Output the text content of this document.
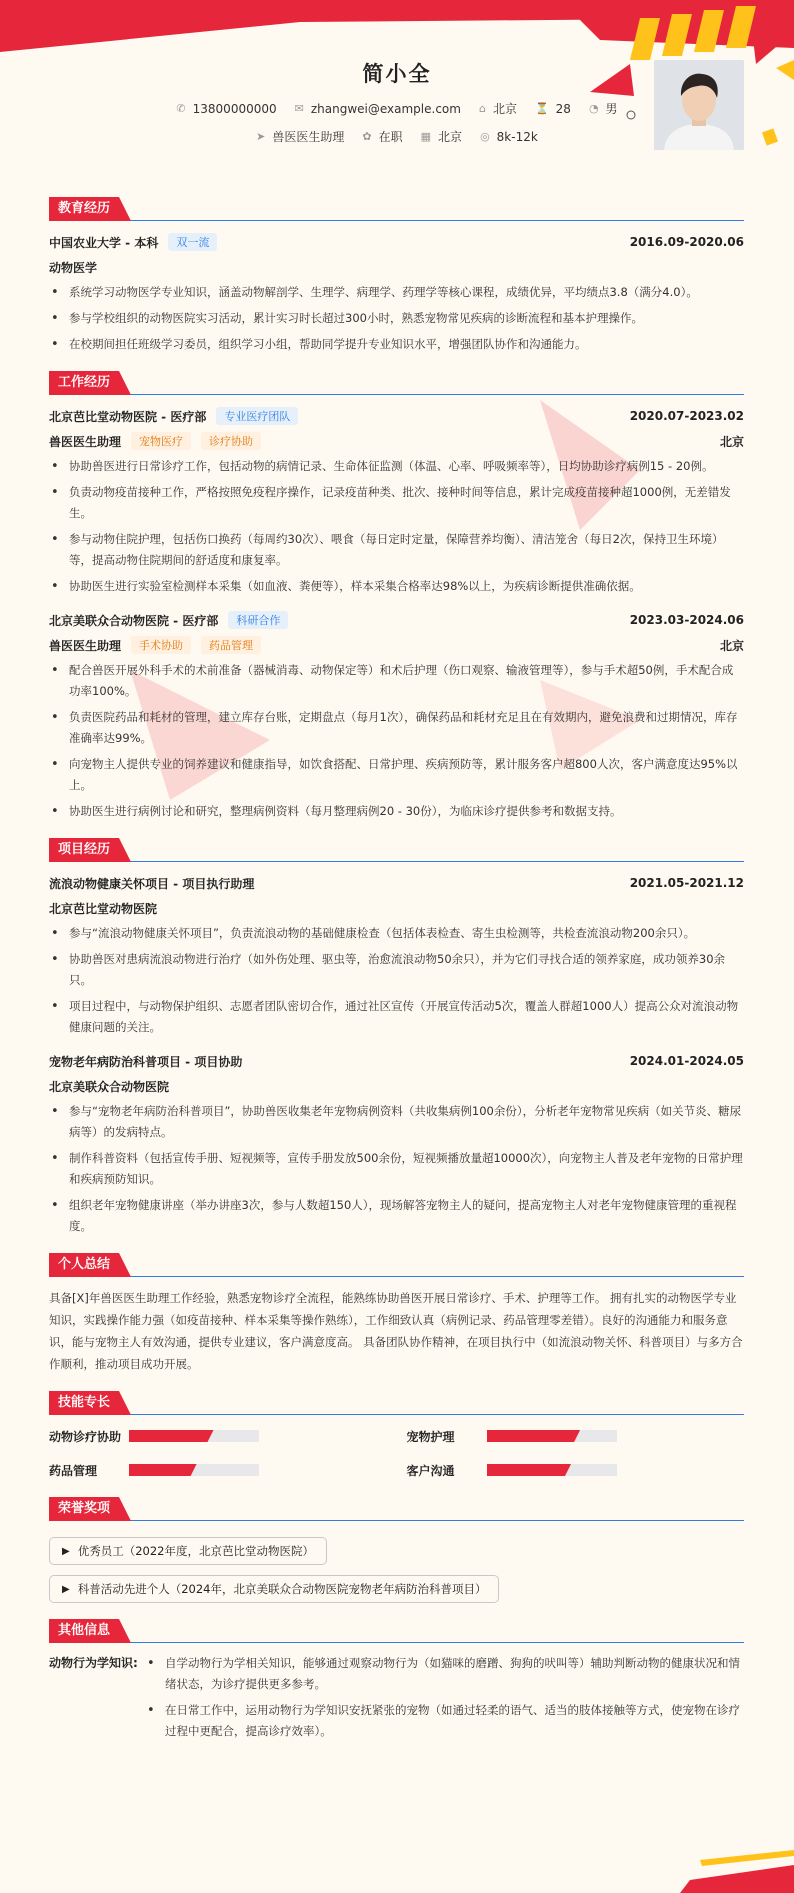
简小全
✆ 13800000000 ✉ zhangwei@example.com ⌂ 北京 ⏳ 28 ◔ 男
➤ 兽医医生助理 ✿ 在职 ▦ 北京 ◎ 8k-12k
教育经历
中国农业大学 - 本科	双一流	2016.09-2020.06
动物医学
• 系统学习动物医学专业知识，涵盖动物解剖学、生理学、病理学、药理学等核心课程，成绩优异，平均绩点3.8（满分4.0）。
• 参与学校组织的动物医院实习活动，累计实习时长超过300小时，熟悉宠物常见疾病的诊断流程和基本护理操作。
• 在校期间担任班级学习委员，组织学习小组，帮助同学提升专业知识水平，增强团队协作和沟通能力。
工作经历
北京芭比堂动物医院 - 医疗部	专业医疗团队	2020.07-2023.02
兽医医生助理	宠物医疗	诊疗协助	北京
• 协助兽医进行日常诊疗工作，包括动物的病情记录、生命体征监测（体温、心率、呼吸频率等），日均协助诊疗病例15 - 20例。
• 负责动物疫苗接种工作，严格按照免疫程序操作，记录疫苗种类、批次、接种时间等信息，累计完成疫苗接种超1000例，无差错发生。
• 参与动物住院护理，包括伤口换药（每周约30次）、喂食（每日定时定量，保障营养均衡）、清洁笼舍（每日2次，保持卫生环境）等，提高动物住院期间的舒适度和康复率。
• 协助医生进行实验室检测样本采集（如血液、粪便等），样本采集合格率达98%以上，为疾病诊断提供准确依据。
北京美联众合动物医院 - 医疗部	科研合作	2023.03-2024.06
兽医医生助理	手术协助	药品管理	北京
• 配合兽医开展外科手术的术前准备（器械消毒、动物保定等）和术后护理（伤口观察、输液管理等），参与手术超50例，手术配合成功率100%。
• 负责医院药品和耗材的管理，建立库存台账，定期盘点（每月1次），确保药品和耗材充足且在有效期内，避免浪费和过期情况，库存准确率达99%。
• 向宠物主人提供专业的饲养建议和健康指导，如饮食搭配、日常护理、疾病预防等，累计服务客户超800人次，客户满意度达95%以上。
• 协助医生进行病例讨论和研究，整理病例资料（每月整理病例20 - 30份），为临床诊疗提供参考和数据支持。
项目经历
流浪动物健康关怀项目 - 项目执行助理	2021.05-2021.12
北京芭比堂动物医院
• 参与“流浪动物健康关怀项目”，负责流浪动物的基础健康检查（包括体表检查、寄生虫检测等，共检查流浪动物200余只）。
• 协助兽医对患病流浪动物进行治疗（如外伤处理、驱虫等，治愈流浪动物50余只），并为它们寻找合适的领养家庭，成功领养30余只。
• 项目过程中，与动物保护组织、志愿者团队密切合作，通过社区宣传（开展宣传活动5次，覆盖人群超1000人）提高公众对流浪动物健康问题的关注。
宠物老年病防治科普项目 - 项目协助	2024.01-2024.05
北京美联众合动物医院
• 参与“宠物老年病防治科普项目”，协助兽医收集老年宠物病例资料（共收集病例100余份），分析老年宠物常见疾病（如关节炎、糖尿病等）的发病特点。
• 制作科普资料（包括宣传手册、短视频等，宣传手册发放500余份，短视频播放量超10000次），向宠物主人普及老年宠物的日常护理和疾病预防知识。
• 组织老年宠物健康讲座（举办讲座3次，参与人数超150人），现场解答宠物主人的疑问，提高宠物主人对老年宠物健康管理的重视程度。
个人总结

具备[X]年兽医医生助理工作经验，熟悉宠物诊疗全流程，能熟练协助兽医开展日常诊疗、手术、护理等工作。 拥有扎实的动物医学专业知识，实践操作能力强（如疫苗接种、样本采集等操作熟练），工作细致认真（病例记录、药品管理零差错）。良好的沟通能力和服务意识，能与宠物主人有效沟通，提供专业建议，客户满意度高。 具备团队协作精神，在项目执行中（如流浪动物关怀、科普项目）与多方合作顺利，推动项目成功开展。

技能专长
动物诊疗协助	宠物护理
药品管理	客户沟通
荣誉奖项
▶ 优秀员工（2022年度，北京芭比堂动物医院）
▶ 科普活动先进个人（2024年，北京美联众合动物医院宠物老年病防治科普项目）
其他信息
动物行为学知识:
•	自学动物行为学相关知识，能够通过观察动物行为（如猫咪的磨蹭、狗狗的吠叫等）辅助判断动物的健康状况和情绪状态，为诊疗提供更多参考。
• 在日常工作中，运用动物行为学知识安抚紧张的宠物（如通过轻柔的语气、适当的肢体接触等方式，使宠物在诊疗过程中更配合，提高诊疗效率）。
